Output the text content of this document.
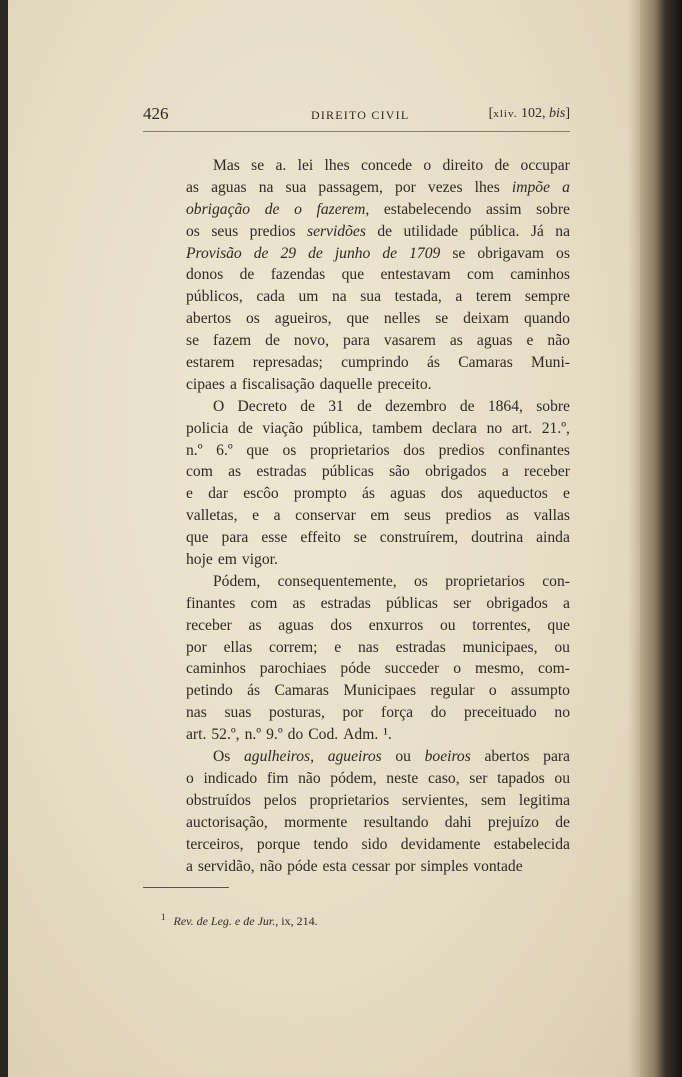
426	DIREITO CIVIL	[xliv. 102, bis]
Mas se a. lei lhes concede o direito de occupar
as aguas na sua passagem, por vezes lhes impõe a
obrigação de o fazerem, estabelecendo assim sobre
os seus predios servidões de utilidade pública. Já na
Provisão de 29 de junho de 1709 se obrigavam os
donos de fazendas que entestavam com caminhos
públicos, cada um na sua testada, a terem sempre
abertos os agueiros, que nelles se deixam quando
se fazem de novo, para vasarem as aguas e não
estarem represadas; cumprindo ás Camaras Muni-
cipaes a fiscalisação daquelle preceito.
O Decreto de 31 de dezembro de 1864, sobre
policia de viação pública, tambem declara no art. 21.º,
n.º 6.º que os proprietarios dos predios confinantes
com as estradas públicas são obrigados a receber
e dar escôo prompto ás aguas dos aqueductos e
valletas, e a conservar em seus predios as vallas
que para esse effeito se construírem, doutrina ainda
hoje em vigor.
Pódem, consequentemente, os proprietarios con-
finantes com as estradas públicas ser obrigados a
receber as aguas dos enxurros ou torrentes, que
por ellas correm; e nas estradas municipaes, ou
caminhos parochiaes póde succeder o mesmo, com-
petindo ás Camaras Municipaes regular o assumpto
nas suas posturas, por força do preceituado no
art. 52.º, n.º 9.º do Cod. Adm. ¹.
Os agulheiros, agueiros ou boeiros abertos para
o indicado fim não pódem, neste caso, ser tapados ou
obstruídos pelos proprietarios servientes, sem legitima
auctorisação, mormente resultando dahi prejuízo de
terceiros, porque tendo sido devidamente estabelecida
a servidão, não póde esta cessar por simples vontade
$^1$ Rev. de Leg. e de Jur., ix, 214.
